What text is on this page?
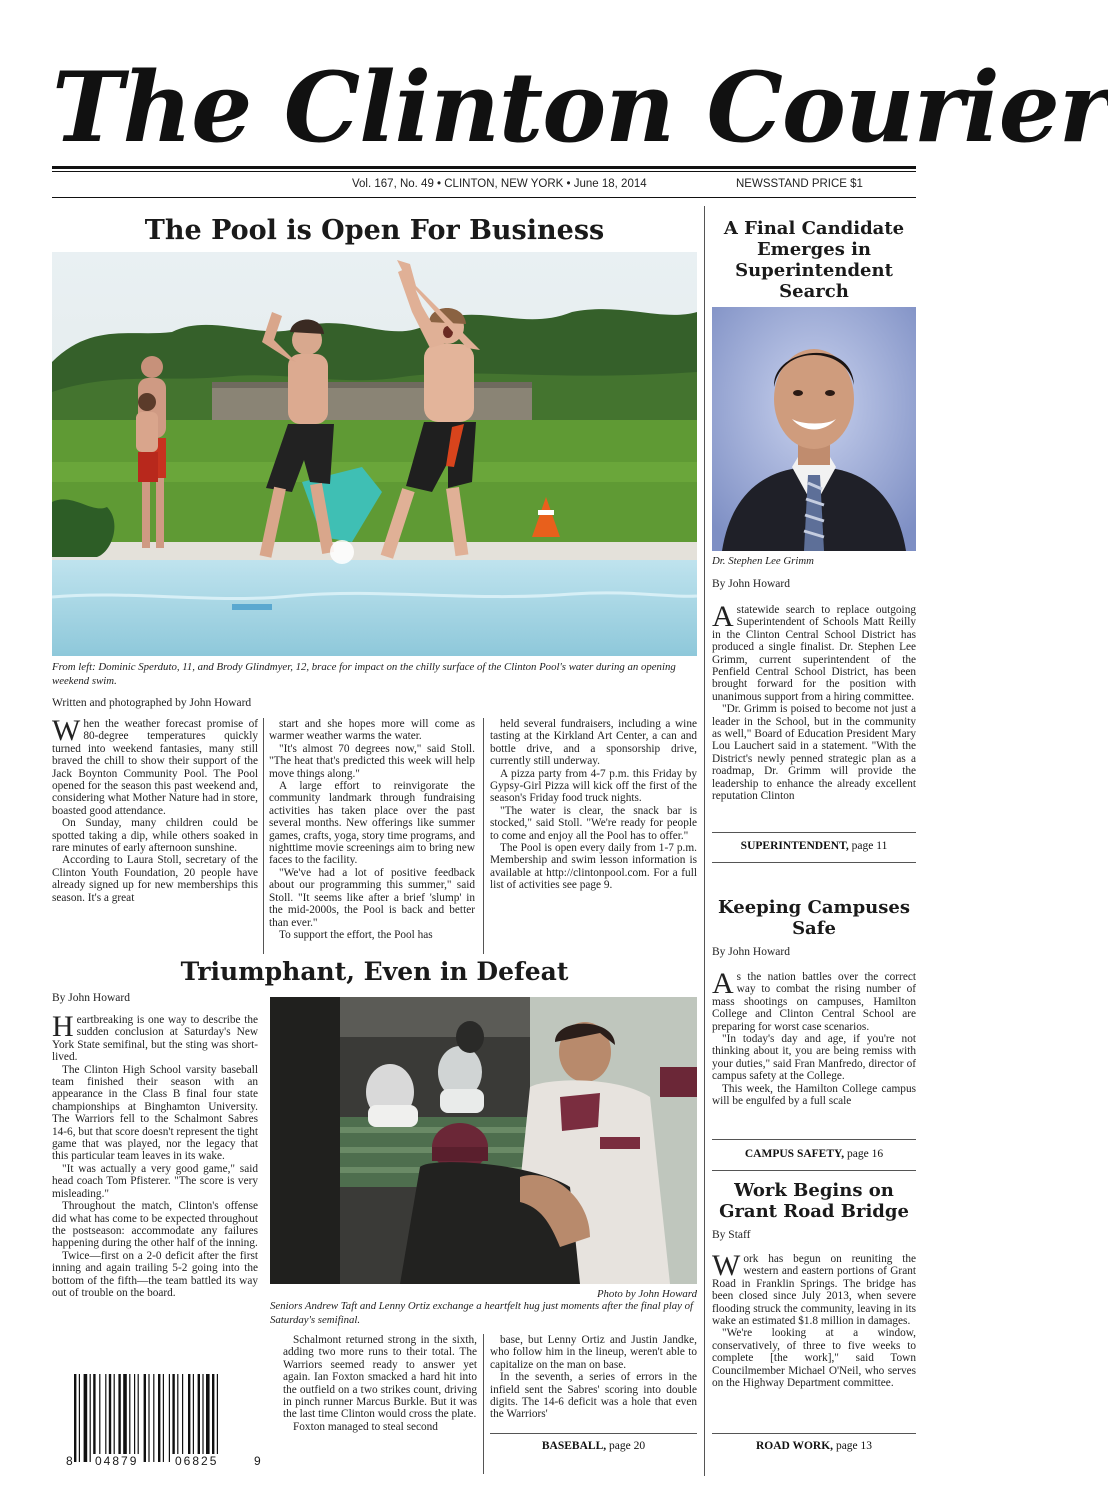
The Clinton Courier
Vol. 167, No. 49 • CLINTON, NEW YORK • June 18, 2014	NEWSSTAND PRICE $1
The Pool is Open For Business

From left: Dominic Sperduto, 11, and Brody Glindmyer, 12, brace for impact on the chilly surface of the Clinton Pool's water during an opening weekend swim.

Written and photographed by John Howard

When the weather forecast promise of 80-degree temperatures quickly turned into weekend fantasies, many still braved the chill to show their support of the Jack Boynton Community Pool. The Pool opened for the season this past weekend and, considering what Mother Nature had in store, boasted good attendance.

On Sunday, many children could be spotted taking a dip, while others soaked in rare minutes of early afternoon sunshine.

According to Laura Stoll, secretary of the Clinton Youth Foundation, 20 people have already signed up for new memberships this season. It's a great

start and she hopes more will come as warmer weather warms the water.

"It's almost 70 degrees now," said Stoll. "The heat that's predicted this week will help move things along."

A large effort to reinvigorate the community landmark through fundraising activities has taken place over the past several months. New offerings like summer games, crafts, yoga, story time programs, and nighttime movie screenings aim to bring new faces to the facility.

"We've had a lot of positive feedback about our programming this summer," said Stoll. "It seems like after a brief 'slump' in the mid-2000s, the Pool is back and better than ever."

To support the effort, the Pool has

held several fundraisers, including a wine tasting at the Kirkland Art Center, a can and bottle drive, and a sponsorship drive, currently still underway.

A pizza party from 4-7 p.m. this Friday by Gypsy-Girl Pizza will kick off the first of the season's Friday food truck nights.

"The water is clear, the snack bar is stocked," said Stoll. "We're ready for people to come and enjoy all the Pool has to offer."

The Pool is open every daily from 1-7 p.m. Membership and swim lesson information is available at http://clintonpool.com. For a full list of activities see page 9.

Triumphant, Even in Defeat
By John Howard

Heartbreaking is one way to describe the sudden conclusion at Saturday's New York State semifinal, but the sting was short-lived.

The Clinton High School varsity baseball team finished their season with an appearance in the Class B final four state championships at Binghamton University. The Warriors fell to the Schalmont Sabres 14-6, but that score doesn't represent the tight game that was played, nor the legacy that this particular team leaves in its wake.

"It was actually a very good game," said head coach Tom Pfisterer. "The score is very misleading."

Throughout the match, Clinton's offense did what has come to be expected throughout the postseason: accommodate any failures happening during the other half of the inning.

Twice—first on a 2-0 deficit after the first inning and again trailing 5-2 going into the bottom of the fifth—the team battled its way out of trouble on the board.

8 04879	06825	9
Photo by John Howard

Seniors Andrew Taft and Lenny Ortiz exchange a heartfelt hug just moments after the final play of Saturday's semifinal.

Schalmont returned strong in the sixth, adding two more runs to their total. The Warriors seemed ready to answer yet again. Ian Foxton smacked a hard hit into the outfield on a two strikes count, driving in pinch runner Marcus Burkle. But it was the last time Clinton would cross the plate.

Foxton managed to steal second

base, but Lenny Ortiz and Justin Jandke, who follow him in the lineup, weren't able to capitalize on the man on base.

In the seventh, a series of errors in the infield sent the Sabres' scoring into double digits. The 14-6 deficit was a hole that even the Warriors'

BASEBALL, page 20
A Final Candidate Emerges in Superintendent Search
Dr. Stephen Lee Grimm
By John Howard

Astatewide search to replace outgoing Superintendent of Schools Matt Reilly in the Clinton Central School District has produced a single finalist. Dr. Stephen Lee Grimm, current superintendent of the Penfield Central School District, has been brought forward for the position with unanimous support from a hiring committee.

"Dr. Grimm is poised to become not just a leader in the School, but in the community as well," Board of Education President Mary Lou Lauchert said in a statement. "With the District's newly penned strategic plan as a roadmap, Dr. Grimm will provide the leadership to enhance the already excellent reputation Clinton

SUPERINTENDENT, page 11
Keeping Campuses Safe
By John Howard

As the nation battles over the correct way to combat the rising number of mass shootings on campuses, Hamilton College and Clinton Central School are preparing for worst case scenarios.

"In today's day and age, if you're not thinking about it, you are being remiss with your duties," said Fran Manfredo, director of campus safety at the College.

This week, the Hamilton College campus will be engulfed by a full scale

CAMPUS SAFETY, page 16
Work Begins on Grant Road Bridge
By Staff

Work has begun on reuniting the western and eastern portions of Grant Road in Franklin Springs. The bridge has been closed since July 2013, when severe flooding struck the community, leaving in its wake an estimated $1.8 million in damages.

"We're looking at a window, conservatively, of three to five weeks to complete [the work]," said Town Councilmember Michael O'Neil, who serves on the Highway Department committee.

ROAD WORK, page 13
